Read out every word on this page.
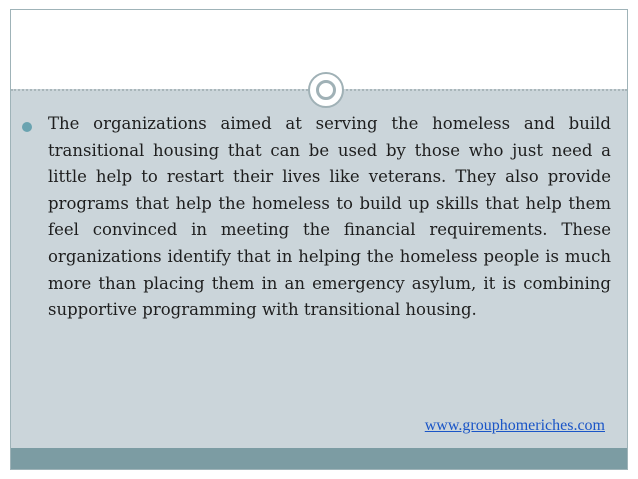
The organizations aimed at serving the homeless and build transitional housing that can be used by those who just need a little help to restart their lives like veterans. They also provide programs that help the homeless to build up skills that help them feel convinced in meeting the financial requirements. These organizations identify that in helping the homeless people is much more than placing them in an emergency asylum, it is combining supportive programming with transitional housing.

www.grouphomeriches.com
